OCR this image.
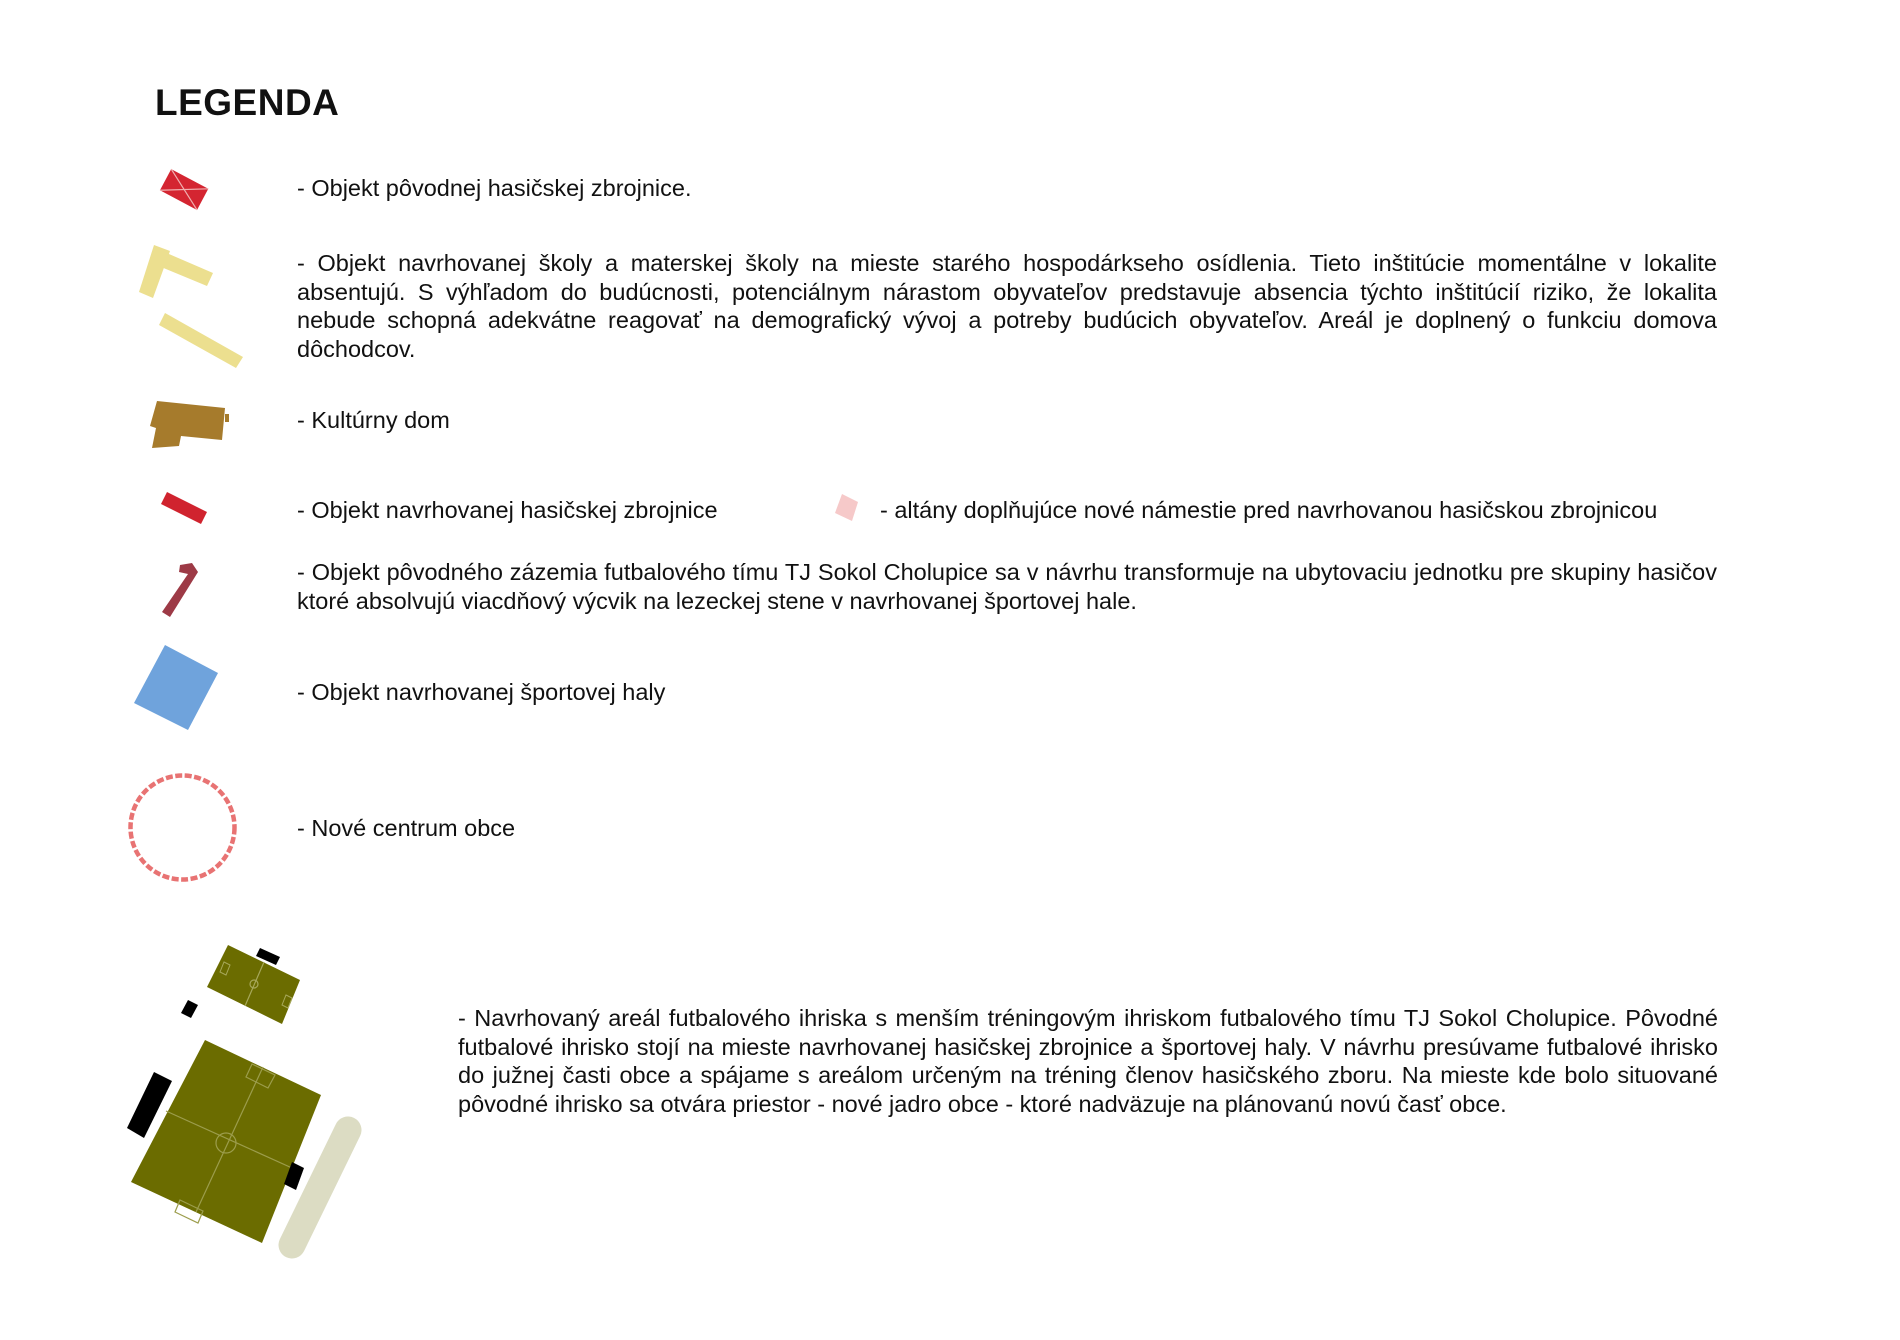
LEGENDA
- Objekt pôvodnej hasičskej zbrojnice.
- Objekt navrhovanej školy a materskej školy na mieste starého hospodárkseho osídlenia. Tieto inštitúcie momentálne v lokalite absentujú. S výhľadom do budúcnosti, potenciálnym nárastom obyvateľov predstavuje absencia týchto inštitúcií riziko, že lokalita nebude schopná adekvátne reagovať na demografický vývoj a potreby budúcich obyvateľov. Areál je doplnený o funkciu domova dôchodcov.
- Kultúrny dom
- Objekt navrhovanej hasičskej zbrojnice	- altány doplňujúce nové námestie pred navrhovanou hasičskou zbrojnicou
- Objekt pôvodného zázemia futbalového tímu TJ Sokol Cholupice sa v návrhu transformuje na ubytovaciu jednotku pre skupiny hasičov ktoré absolvujú viacdňový výcvik na lezeckej stene v navrhovanej športovej hale.
- Objekt navrhovanej športovej haly
- Nové centrum obce
- Navrhovaný areál futbalového ihriska s menším tréningovým ihriskom futbalového tímu TJ Sokol Cholupice. Pôvodné futbalové ihrisko stojí na mieste navrhovanej hasičskej zbrojnice a športovej haly. V návrhu presúvame futbalové ihrisko do južnej časti obce a spájame s areálom určeným na tréning členov hasičského zboru. Na mieste kde bolo situované pôvodné ihrisko sa otvára priestor - nové jadro obce - ktoré nadväzuje na plánovanú novú časť obce.
